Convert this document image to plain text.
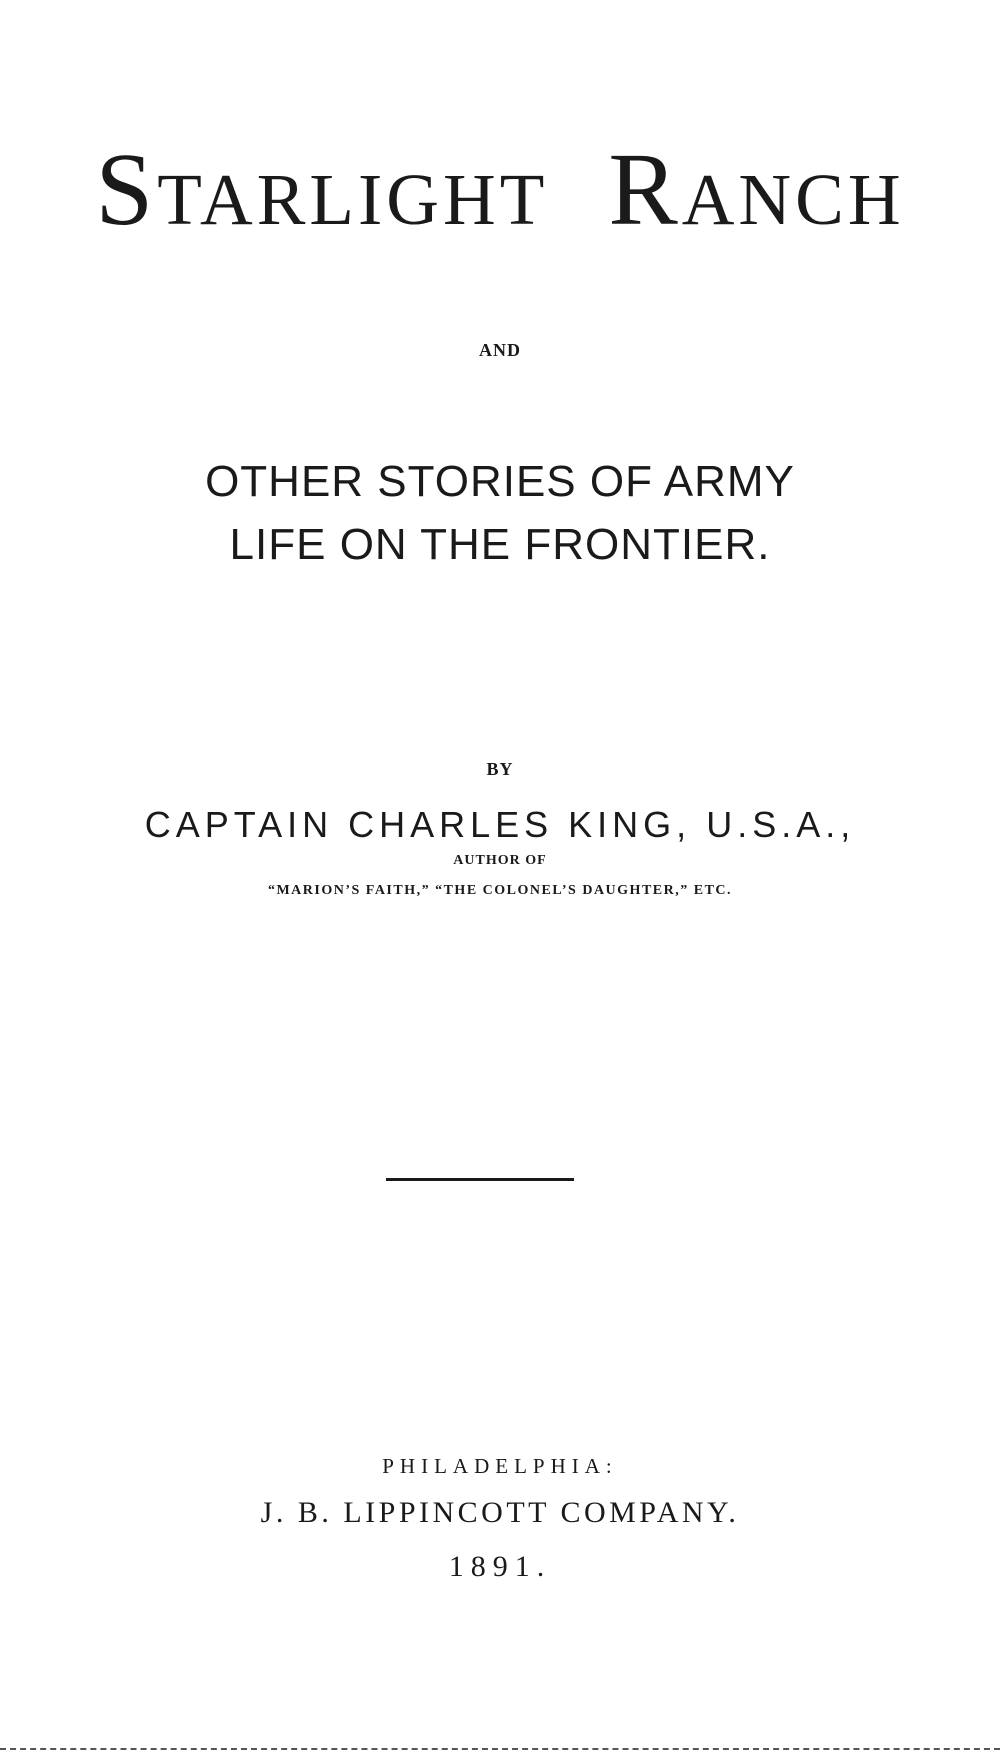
Starlight Ranch
AND
OTHER STORIES OF ARMY
LIFE ON THE FRONTIER.
BY
CAPTAIN CHARLES KING, U.S.A.,
AUTHOR OF
“MARION’S FAITH,” “THE COLONEL’S DAUGHTER,” ETC.
PHILADELPHIA:
J. B. LIPPINCOTT COMPANY.
1891.
